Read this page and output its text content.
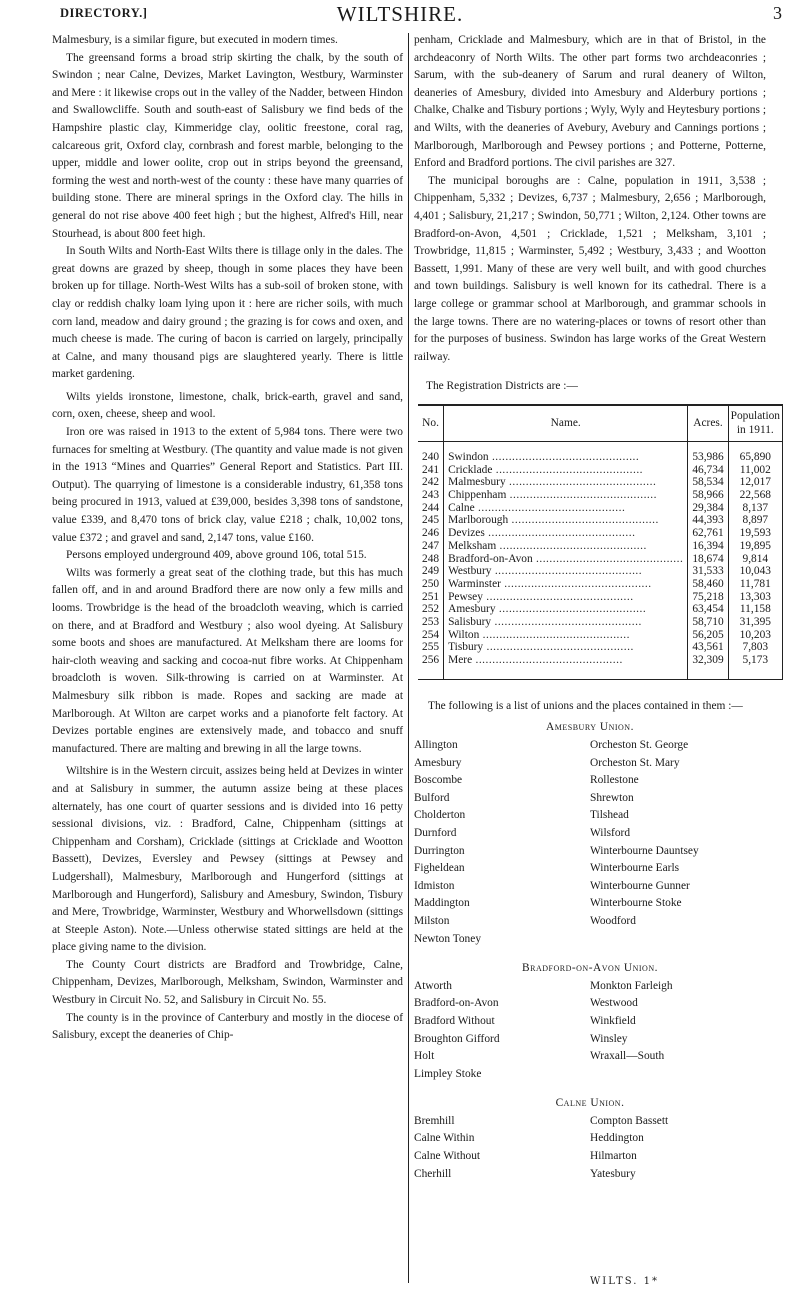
DIRECTORY.]	WILTSHIRE.	3

Malmesbury, is a similar figure, but executed in modern times.

The greensand forms a broad strip skirting the chalk, by the south of Swindon ; near Calne, Devizes, Market Lavington, Westbury, Warminster and Mere : it likewise crops out in the valley of the Nadder, between Hindon and Swallowcliffe. South and south-east of Salisbury we find beds of the Hampshire plastic clay, Kimmeridge clay, oolitic freestone, coral rag, calcareous grit, Oxford clay, cornbrash and forest marble, belonging to the upper, middle and lower oolite, crop out in strips beyond the greensand, forming the west and north-west of the county : these have many quarries of building stone. There are mineral springs in the Oxford clay. The hills in general do not rise above 400 feet high ; but the highest, Alfred's Hill, near Stourhead, is about 800 feet high.

In South Wilts and North-East Wilts there is tillage only in the dales. The great downs are grazed by sheep, though in some places they have been broken up for tillage. North-West Wilts has a sub-soil of broken stone, with clay or reddish chalky loam lying upon it : here are richer soils, with much corn land, meadow and dairy ground ; the grazing is for cows and oxen, and much cheese is made. The curing of bacon is carried on largely, principally at Calne, and many thousand pigs are slaughtered yearly. There is little market gardening.

Wilts yields ironstone, limestone, chalk, brick-earth, gravel and sand, corn, oxen, cheese, sheep and wool.

Iron ore was raised in 1913 to the extent of 5,984 tons. There were two furnaces for smelting at Westbury. (The quantity and value made is not given in the 1913 “Mines and Quarries” General Report and Statistics. Part III. Output). The quarrying of limestone is a considerable industry, 61,358 tons being procured in 1913, valued at £39,000, besides 3,398 tons of sandstone, value £339, and 8,470 tons of brick clay, value £218 ; chalk, 10,002 tons, value £372 ; and gravel and sand, 2,147 tons, value £160.

Persons employed underground 409, above ground 106, total 515.

Wilts was formerly a great seat of the clothing trade, but this has much fallen off, and in and around Bradford there are now only a few mills and looms. Trowbridge is the head of the broadcloth weaving, which is carried on there, and at Bradford and Westbury ; also wool dyeing. At Salisbury some boots and shoes are manufactured. At Melksham there are looms for hair-cloth weaving and sacking and cocoa-nut fibre works. At Chippenham broadcloth is woven. Silk-throwing is carried on at Warminster. At Malmesbury silk ribbon is made. Ropes and sacking are made at Marlborough. At Wilton are carpet works and a pianoforte felt factory. At Devizes portable engines are extensively made, and tobacco and snuff manufactured. There are malting and brewing in all the large towns.

Wiltshire is in the Western circuit, assizes being held at Devizes in winter and at Salisbury in summer, the autumn assize being at these places alternately, has one court of quarter sessions and is divided into 16 petty sessional divisions, viz. : Bradford, Calne, Chippenham (sittings at Chippenham and Corsham), Cricklade (sittings at Cricklade and Wootton Bassett), Devizes, Eversley and Pewsey (sittings at Pewsey and Ludgershall), Malmesbury, Marlborough and Hungerford (sittings at Marlborough and Hungerford), Salisbury and Amesbury, Swindon, Tisbury and Mere, Trowbridge, Warminster, Westbury and Whorwellsdown (sittings at Steeple Aston). Note.—Unless otherwise stated sittings are held at the place giving name to the division.

The County Court districts are Bradford and Trowbridge, Calne, Chippenham, Devizes, Marlborough, Melksham, Swindon, Warminster and Westbury in Circuit No. 52, and Salisbury in Circuit No. 55.

The county is in the province of Canterbury and mostly in the diocese of Salisbury, except the deaneries of Chip-

penham, Cricklade and Malmesbury, which are in that of Bristol, in the archdeaconry of North Wilts. The other part forms two archdeaconries ; Sarum, with the sub-deanery of Sarum and rural deanery of Wilton, deaneries of Amesbury, divided into Amesbury and Alderbury portions ; Chalke, Chalke and Tisbury portions ; Wyly, Wyly and Heytesbury portions ; and Wilts, with the deaneries of Avebury, Avebury and Cannings portions ; Marlborough, Marlborough and Pewsey portions ; and Potterne, Potterne, Enford and Bradford portions. The civil parishes are 327.

The municipal boroughs are : Calne, population in 1911, 3,538 ; Chippenham, 5,332 ; Devizes, 6,737 ; Malmesbury, 2,656 ; Marlborough, 4,401 ; Salisbury, 21,217 ; Swindon, 50,771 ; Wilton, 2,124. Other towns are Bradford-on-Avon, 4,501 ; Cricklade, 1,521 ; Melksham, 3,101 ; Trowbridge, 11,815 ; Warminster, 5,492 ; Westbury, 3,433 ; and Wootton Bassett, 1,991. Many of these are very well built, and with good churches and town buildings. Salisbury is well known for its cathedral. There is a large college or grammar school at Marlborough, and grammar schools in the large towns. There are no watering-places or towns of resort other than for the purposes of business. Swindon has large works of the Great Western railway.

The Registration Districts are :—

No.	Name.	Acres.	Population in 1911.
240	Swindon .....	53,986	65,890
241	Cricklade .....	46,734	11,002
242	Malmesbury .....	58,534	12,017
243	Chippenham .....	58,966	22,568
244	Calne .....	29,384	8,137
245	Marlborough .....	44,393	8,897
246	Devizes .....	62,761	19,593
247	Melksham .....	16,394	19,895
248	Bradford-on-Avon .....	18,674	9,814
249	Westbury .....	31,533	10,043
250	Warminster .....	58,460	11,781
251	Pewsey .....	75,218	13,303
252	Amesbury .....	63,454	11,158
253	Salisbury .....	58,710	31,395
254	Wilton .....	56,205	10,203
255	Tisbury .....	43,561	7,803
256	Mere .....	32,309	5,173

The following is a list of unions and the places contained in them :—

Amesbury Union.
Allington	Orcheston St. George
Amesbury	Orcheston St. Mary
Boscombe	Rollestone
Bulford	Shrewton
Cholderton	Tilshead
Durnford	Wilsford
Durrington	Winterbourne Dauntsey
Figheldean	Winterbourne Earls
Idmiston	Winterbourne Gunner
Maddington	Winterbourne Stoke
Milston	Woodford
Newton Toney
Bradford-on-Avon Union.
Atworth	Monkton Farleigh
Bradford-on-Avon	Westwood
Bradford Without	Winkfield
Broughton Gifford	Winsley
Holt	Wraxall—South
Limpley Stoke
Calne Union.
Bremhill	Compton Bassett
Calne Within	Heddington
Calne Without	Hilmarton
Cherhill	Yatesbury
WILTS. 1*
